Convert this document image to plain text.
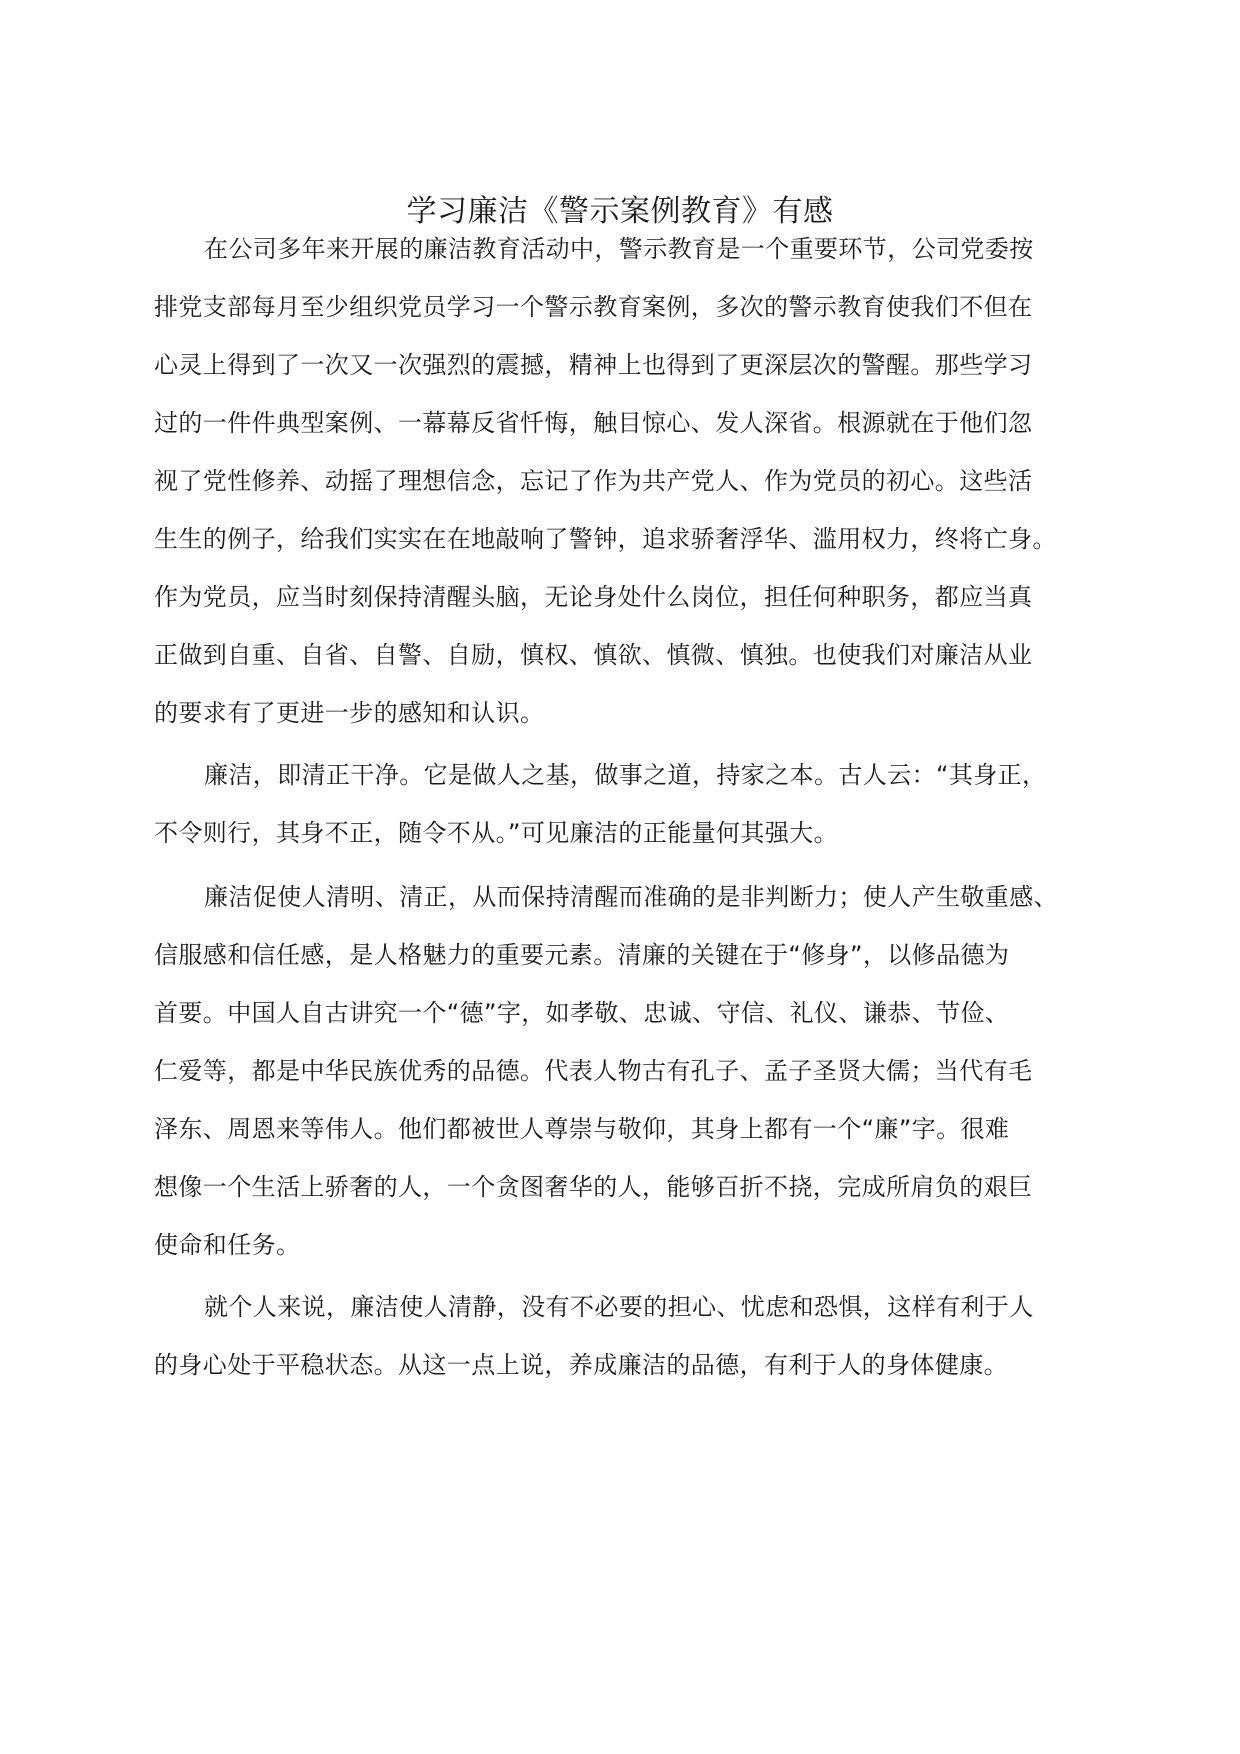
学习廉洁《警示案例教育》有感

在公司多年来开展的廉洁教育活动中，警示教育是一个重要环节，公司党委按

排党支部每月至少组织党员学习一个警示教育案例，多次的警示教育使我们不但在

心灵上得到了一次又一次强烈的震撼，精神上也得到了更深层次的警醒。那些学习

过的一件件典型案例、一幕幕反省忏悔，触目惊心、发人深省。根源就在于他们忽

视了党性修养、动摇了理想信念，忘记了作为共产党人、作为党员的初心。这些活

生生的例子，给我们实实在在地敲响了警钟，追求骄奢浮华、滥用权力，终将亡身。

作为党员，应当时刻保持清醒头脑，无论身处什么岗位，担任何种职务，都应当真

正做到自重、自省、自警、自励，慎权、慎欲、慎微、慎独。也使我们对廉洁从业

的要求有了更进一步的感知和认识。

廉洁，即清正干净。它是做人之基，做事之道，持家之本。古人云：“其身正，

不令则行，其身不正，随令不从。”可见廉洁的正能量何其强大。

廉洁促使人清明、清正，从而保持清醒而准确的是非判断力；使人产生敬重感、

信服感和信任感，是人格魅力的重要元素。清廉的关键在于“修身”，以修品德为

首要。中国人自古讲究一个“德”字，如孝敬、忠诚、守信、礼仪、谦恭、节俭、

仁爱等，都是中华民族优秀的品德。代表人物古有孔子、孟子圣贤大儒；当代有毛

泽东、周恩来等伟人。他们都被世人尊崇与敬仰，其身上都有一个“廉”字。很难

想像一个生活上骄奢的人，一个贪图奢华的人，能够百折不挠，完成所肩负的艰巨

使命和任务。

就个人来说，廉洁使人清静，没有不必要的担心、忧虑和恐惧，这样有利于人

的身心处于平稳状态。从这一点上说，养成廉洁的品德，有利于人的身体健康。
